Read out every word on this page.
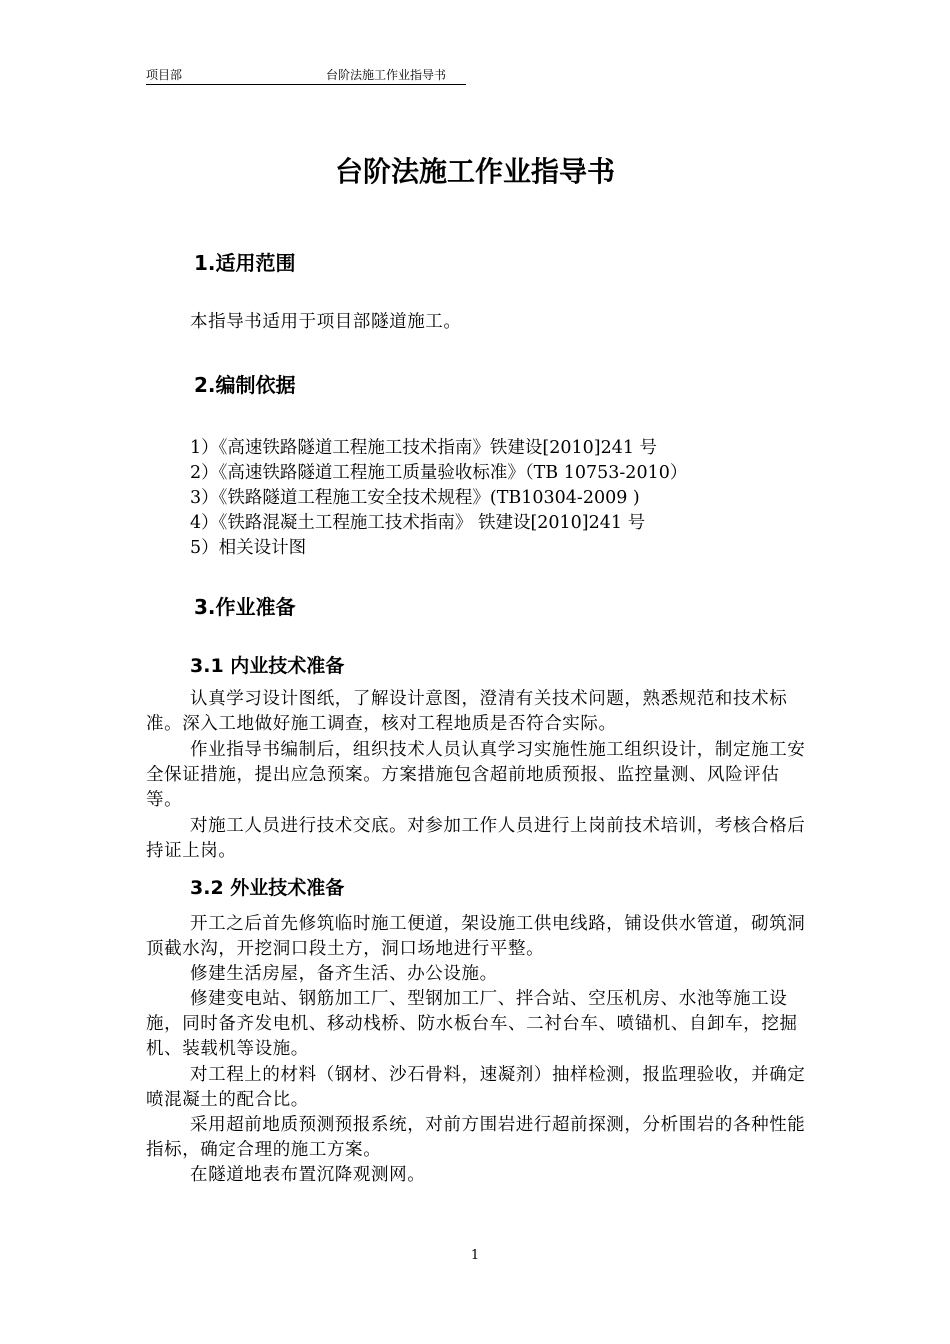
项目部	台阶法施工作业指导书
台阶法施工作业指导书
1.适用范围
本指导书适用于项目部隧道施工。
2.编制依据
1）《高速铁路隧道工程施工技术指南》铁建设[2010]241 号
2）《高速铁路隧道工程施工质量验收标准》（TB 10753-2010）
3）《铁路隧道工程施工安全技术规程》(TB10304-2009 )
4）《铁路混凝土工程施工技术指南》 铁建设[2010]241 号
5）相关设计图
3.作业准备
3.1 内业技术准备
认真学习设计图纸，了解设计意图，澄清有关技术问题，熟悉规范和技术标准。深入工地做好施工调查，核对工程地质是否符合实际。
作业指导书编制后，组织技术人员认真学习实施性施工组织设计，制定施工安全保证措施，提出应急预案。方案措施包含超前地质预报、监控量测、风险评估等。
对施工人员进行技术交底。对参加工作人员进行上岗前技术培训，考核合格后持证上岗。
3.2 外业技术准备
开工之后首先修筑临时施工便道，架设施工供电线路，铺设供水管道，砌筑洞顶截水沟，开挖洞口段土方，洞口场地进行平整。
修建生活房屋，备齐生活、办公设施。
修建变电站、钢筋加工厂、型钢加工厂、拌合站、空压机房、水池等施工设施，同时备齐发电机、移动栈桥、防水板台车、二衬台车、喷锚机、自卸车，挖掘机、装载机等设施。
对工程上的材料（钢材、沙石骨料，速凝剂）抽样检测，报监理验收，并确定喷混凝土的配合比。
采用超前地质预测预报系统，对前方围岩进行超前探测，分析围岩的各种性能指标，确定合理的施工方案。
在隧道地表布置沉降观测网。
1
